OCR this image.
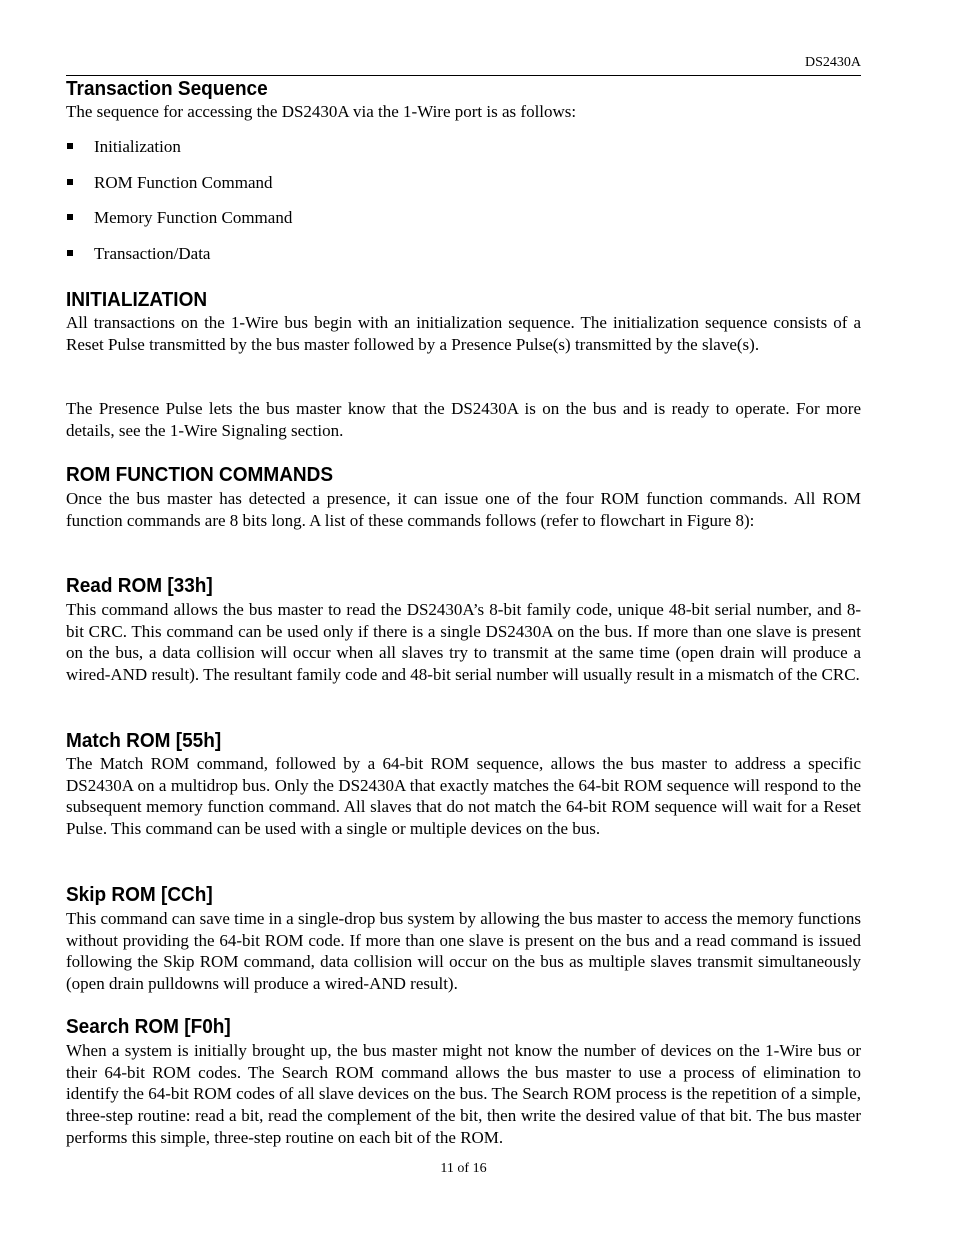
DS2430A
Transaction Sequence

The sequence for accessing the DS2430A via the 1-Wire port is as follows:

Initialization
ROM Function Command
Memory Function Command
Transaction/Data
INITIALIZATION

All transactions on the 1-Wire bus begin with an initialization sequence. The initialization sequence consists of a Reset Pulse transmitted by the bus master followed by a Presence Pulse(s) transmitted by the slave(s).

The Presence Pulse lets the bus master know that the DS2430A is on the bus and is ready to operate. For more details, see the 1-Wire Signaling section.

ROM FUNCTION COMMANDS

Once the bus master has detected a presence, it can issue one of the four ROM function commands. All ROM function commands are 8 bits long. A list of these commands follows (refer to flowchart in Figure 8):

Read ROM [33h]

This command allows the bus master to read the DS2430A’s 8-bit family code, unique 48-bit serial number, and 8-bit CRC. This command can be used only if there is a single DS2430A on the bus. If more than one slave is present on the bus, a data collision will occur when all slaves try to transmit at the same time (open drain will produce a wired-AND result). The resultant family code and 48-bit serial number will usually result in a mismatch of the CRC.

Match ROM [55h]

The Match ROM command, followed by a 64-bit ROM sequence, allows the bus master to address a specific DS2430A on a multidrop bus. Only the DS2430A that exactly matches the 64-bit ROM sequence will respond to the subsequent memory function command. All slaves that do not match the 64-bit ROM sequence will wait for a Reset Pulse. This command can be used with a single or multiple devices on the bus.

Skip ROM [CCh]

This command can save time in a single-drop bus system by allowing the bus master to access the memory functions without providing the 64-bit ROM code. If more than one slave is present on the bus and a read command is issued following the Skip ROM command, data collision will occur on the bus as multiple slaves transmit simultaneously (open drain pulldowns will produce a wired-AND result).

Search ROM [F0h]

When a system is initially brought up, the bus master might not know the number of devices on the 1-Wire bus or their 64-bit ROM codes. The Search ROM command allows the bus master to use a process of elimination to identify the 64-bit ROM codes of all slave devices on the bus. The Search ROM process is the repetition of a simple, three-step routine: read a bit, read the complement of the bit, then write the desired value of that bit. The bus master performs this simple, three-step routine on each bit of the ROM.

11 of 16
